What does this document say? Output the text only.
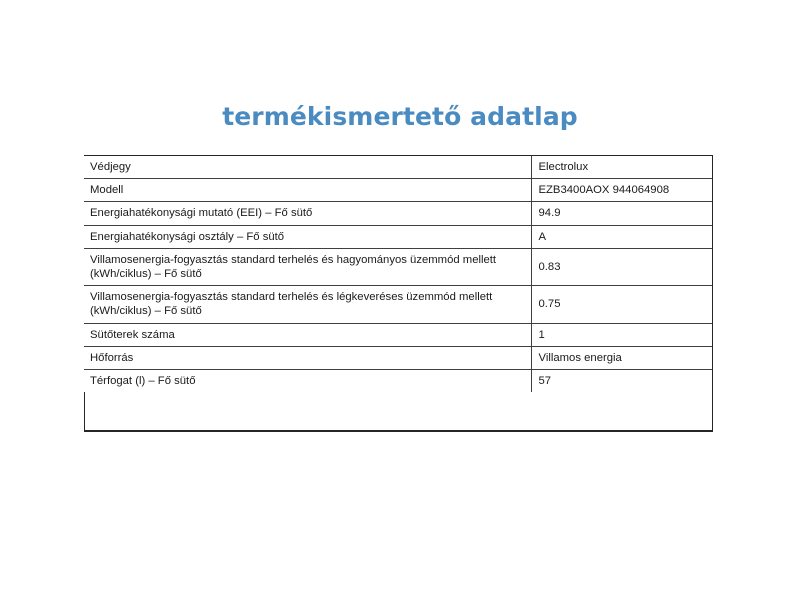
termékismertető adatlap
Védjegy	Electrolux
Modell	EZB3400AOX 944064908
Energiahatékonysági mutató (EEI) – Fő sütő	94.9
Energiahatékonysági osztály – Fő sütő	A
Villamosenergia-fogyasztás standard terhelés és hagyományos üzemmód mellett (kWh/ciklus) – Fő sütő	0.83
Villamosenergia-fogyasztás standard terhelés és légkeveréses üzemmód mellett (kWh/ciklus) – Fő sütő	0.75
Sütőterek száma	1
Hőforrás	Villamos energia
Térfogat (l) – Fő sütő	57
